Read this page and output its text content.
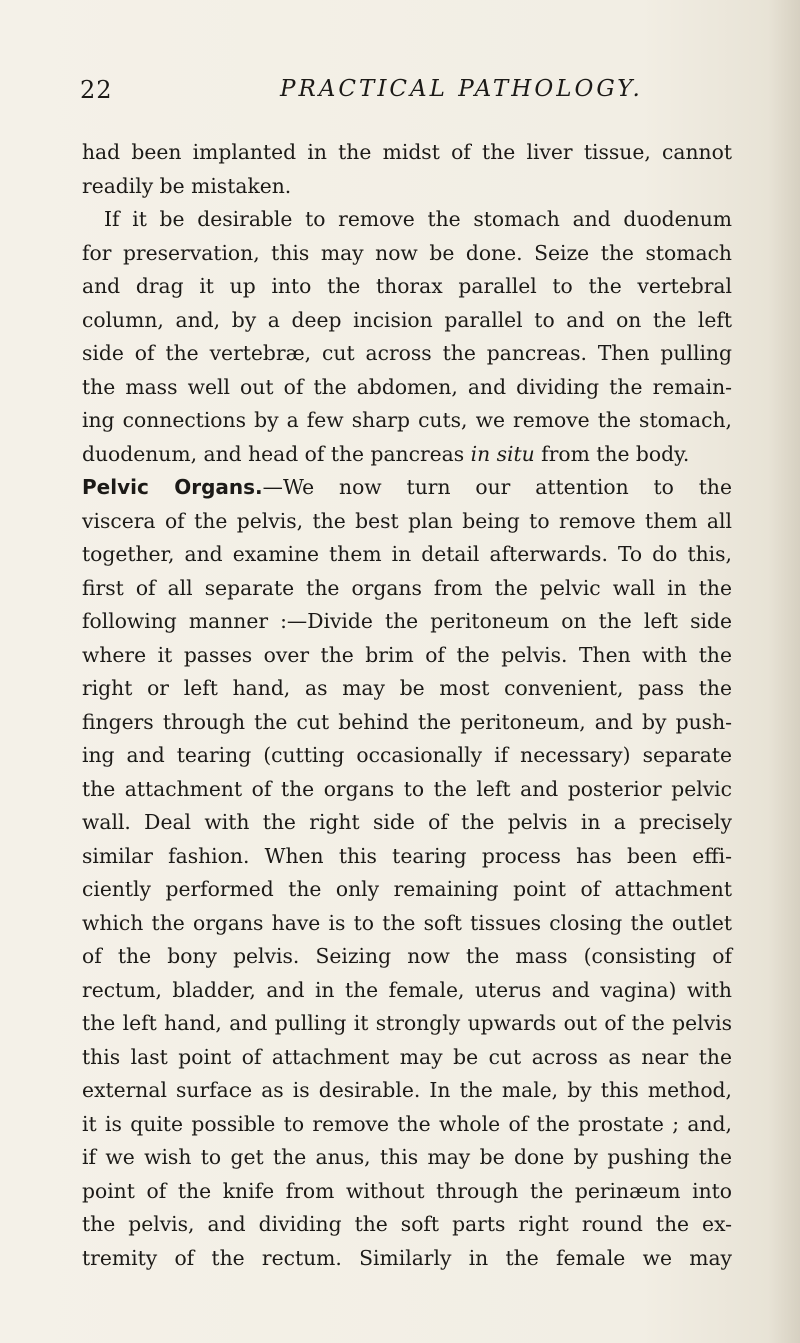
22	PRACTICAL PATHOLOGY.
had been implanted in the midst of the liver tissue, cannot
readily be mistaken.
If it be desirable to remove the stomach and duodenum
for preservation, this may now be done. Seize the stomach
and drag it up into the thorax parallel to the vertebral
column, and, by a deep incision parallel to and on the left
side of the vertebræ, cut across the pancreas. Then pulling
the mass well out of the abdomen, and dividing the remain-
ing connections by a few sharp cuts, we remove the stomach,
duodenum, and head of the pancreas in situ from the body.
Pelvic Organs.—We now turn our attention to the
viscera of the pelvis, the best plan being to remove them all
together, and examine them in detail afterwards. To do this,
first of all separate the organs from the pelvic wall in the
following manner :—Divide the peritoneum on the left side
where it passes over the brim of the pelvis. Then with the
right or left hand, as may be most convenient, pass the
fingers through the cut behind the peritoneum, and by push-
ing and tearing (cutting occasionally if necessary) separate
the attachment of the organs to the left and posterior pelvic
wall. Deal with the right side of the pelvis in a precisely
similar fashion. When this tearing process has been effi-
ciently performed the only remaining point of attachment
which the organs have is to the soft tissues closing the outlet
of the bony pelvis. Seizing now the mass (consisting of
rectum, bladder, and in the female, uterus and vagina) with
the left hand, and pulling it strongly upwards out of the pelvis
this last point of attachment may be cut across as near the
external surface as is desirable. In the male, by this method,
it is quite possible to remove the whole of the prostate ; and,
if we wish to get the anus, this may be done by pushing the
point of the knife from without through the perinæum into
the pelvis, and dividing the soft parts right round the ex-
tremity of the rectum. Similarly in the female we may
